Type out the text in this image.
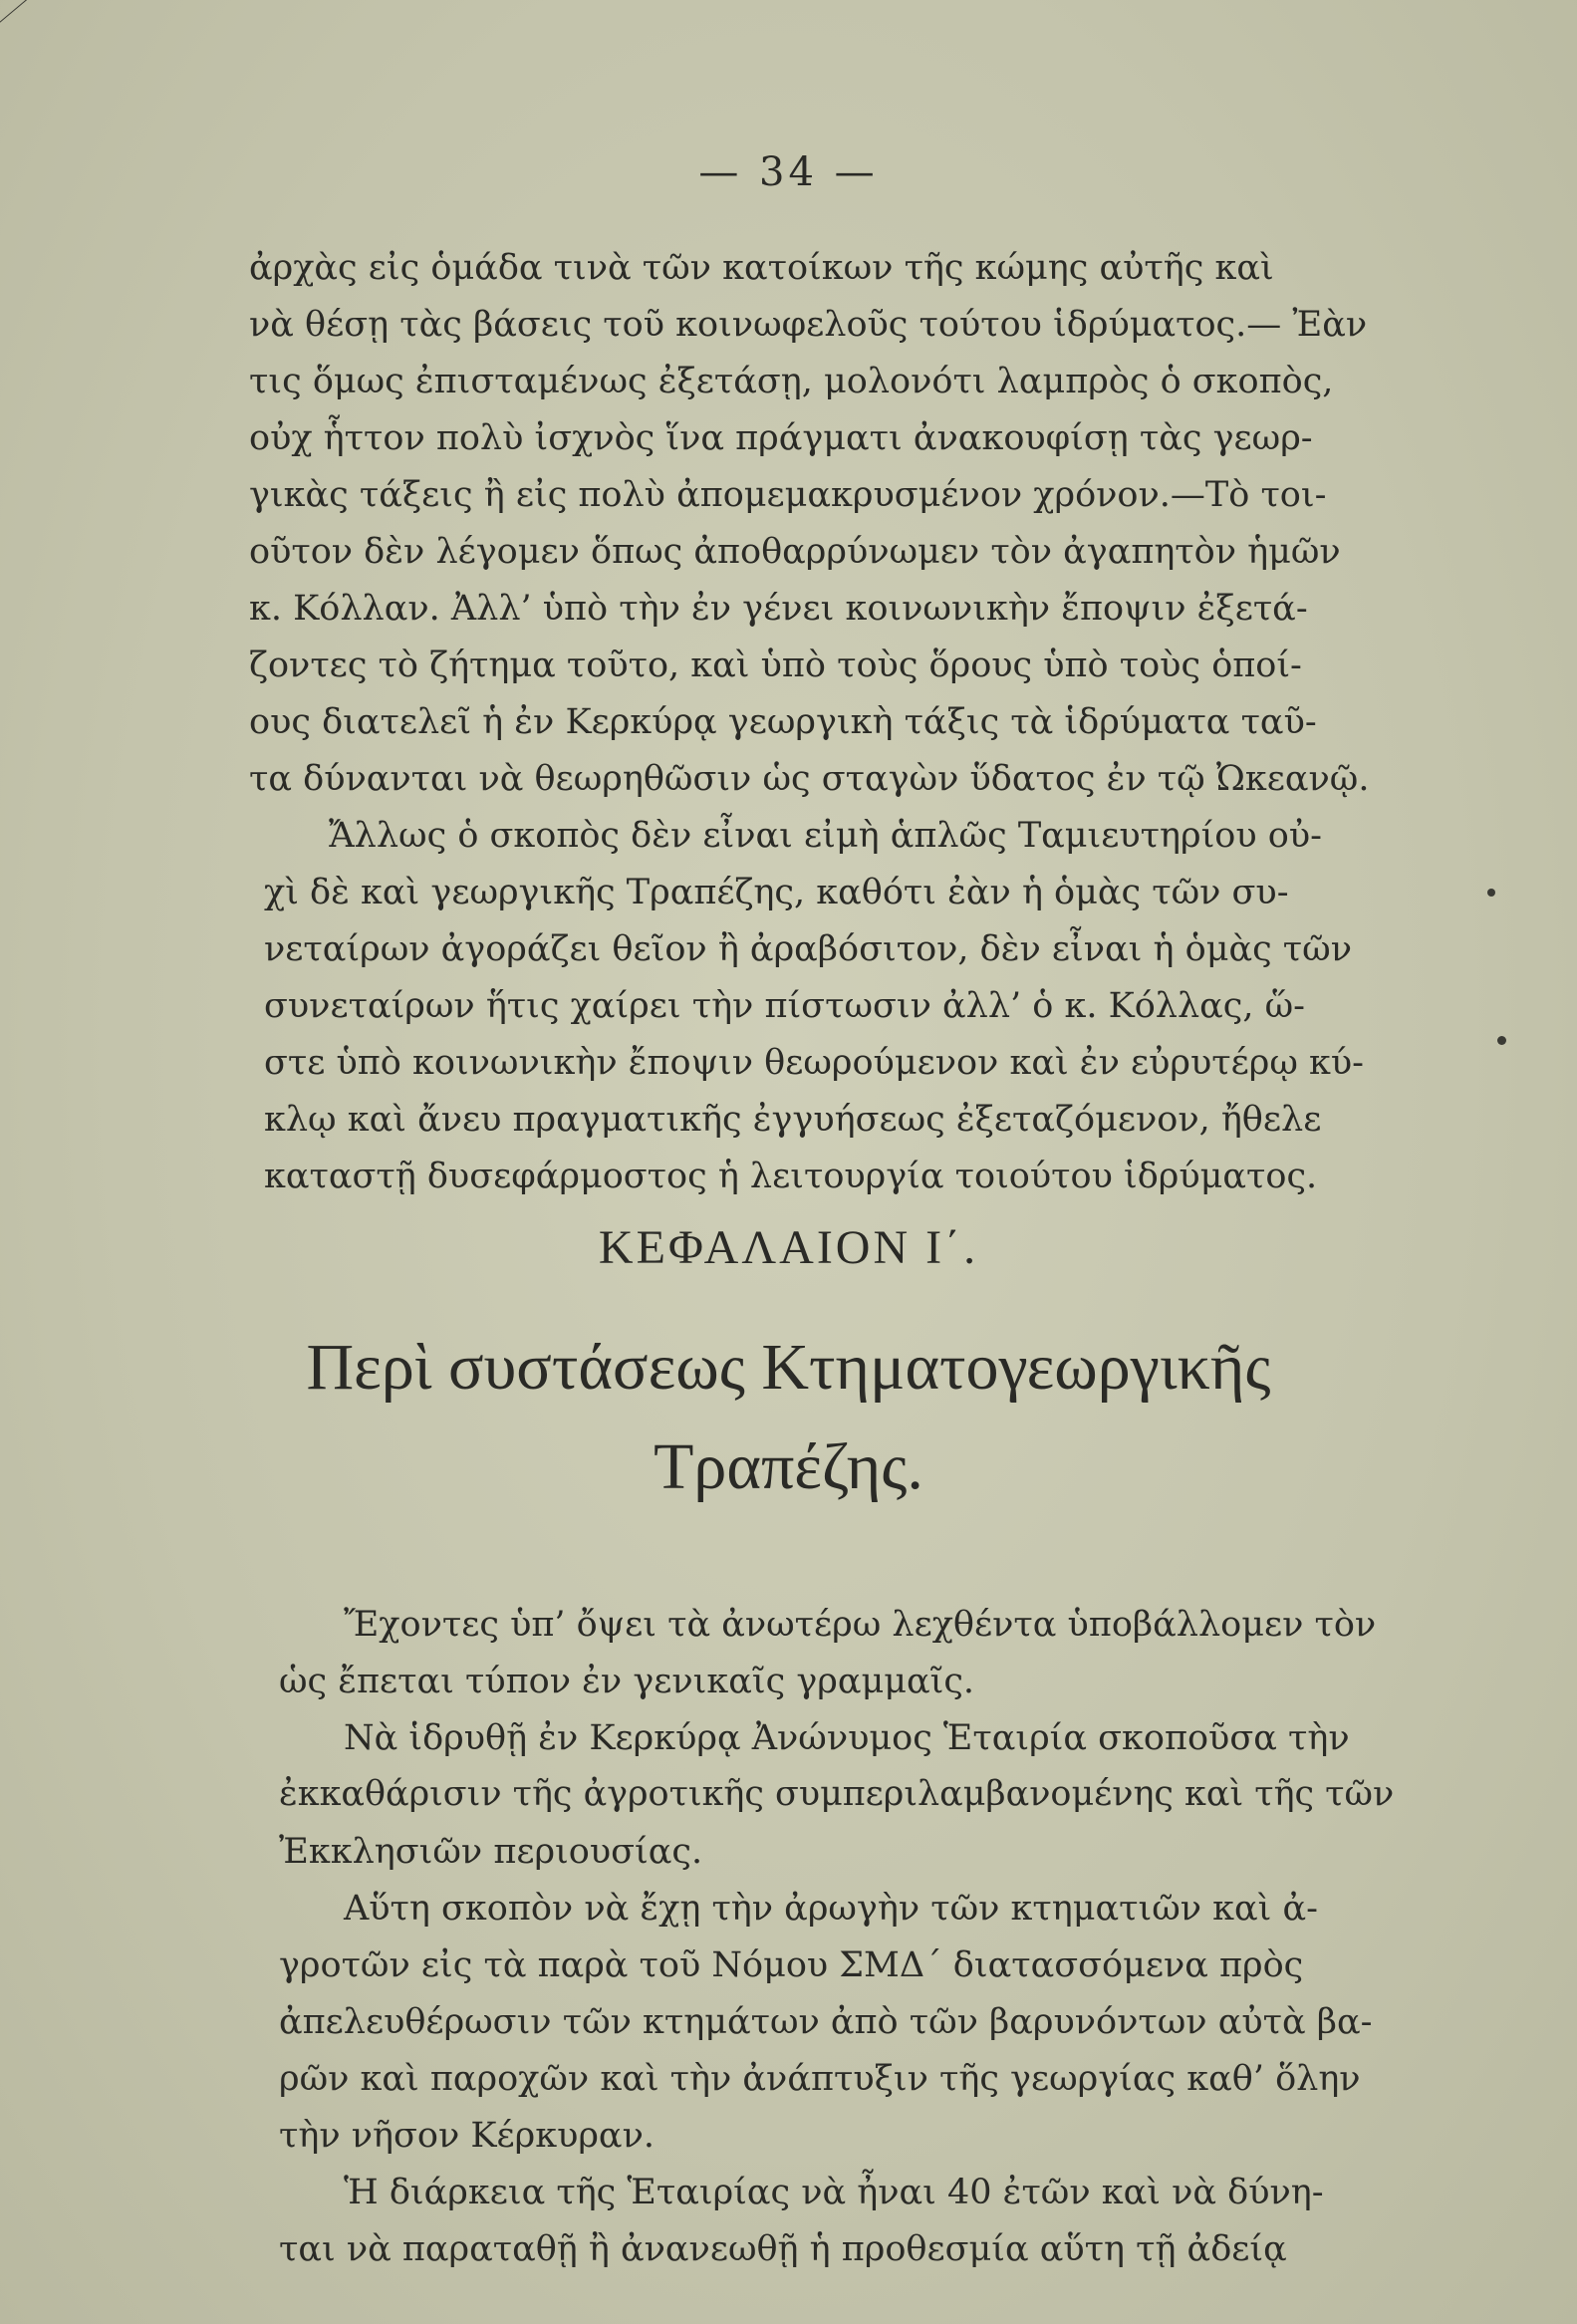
— 34 —
ἀρχὰς εἰς ὁμάδα τινὰ τῶν κατοίκων τῆς κώμης αὐτῆς καὶ
νὰ θέσῃ τὰς βάσεις τοῦ κοινωφελοῦς τούτου ἱδρύματος.— Ἐὰν
τις ὅμως ἐπισταμένως ἐξετάσῃ, μολονότι λαμπρὸς ὁ σκοπὸς,
οὐχ ἧττον πολὺ ἰσχνὸς ἵνα πράγματι ἀνακουφίσῃ τὰς γεωρ-
γικὰς τάξεις ἢ εἰς πολὺ ἀπομεμακρυσμένον χρόνον.—Τὸ τοι-
οῦτον δὲν λέγομεν ὅπως ἀποθαρρύνωμεν τὸν ἀγαπητὸν ἡμῶν
κ. Κόλλαν. Ἀλλ’ ὑπὸ τὴν ἐν γένει κοινωνικὴν ἔποψιν ἐξετά-
ζοντες τὸ ζήτημα τοῦτο, καὶ ὑπὸ τοὺς ὅρους ὑπὸ τοὺς ὁποί-
ους διατελεῖ ἡ ἐν Κερκύρᾳ γεωργικὴ τάξις τὰ ἱδρύματα ταῦ-
τα δύνανται νὰ θεωρηθῶσιν ὡς σταγὼν ὕδατος ἐν τῷ Ὠκεανῷ.
Ἄλλως ὁ σκοπὸς δὲν εἶναι εἰμὴ ἁπλῶς Ταμιευτηρίου οὐ-
χὶ δὲ καὶ γεωργικῆς Τραπέζης, καθότι ἐὰν ἡ ὁμὰς τῶν συ-
νεταίρων ἀγοράζει θεῖον ἢ ἀραβόσιτον, δὲν εἶναι ἡ ὁμὰς τῶν
συνεταίρων ἥτις χαίρει τὴν πίστωσιν ἀλλ’ ὁ κ. Κόλλας, ὥ-
στε ὑπὸ κοινωνικὴν ἔποψιν θεωρούμενον καὶ ἐν εὐρυτέρῳ κύ-
κλῳ καὶ ἄνευ πραγματικῆς ἐγγυήσεως ἐξεταζόμενον, ἤθελε
καταστῇ δυσεφάρμοστος ἡ λειτουργία τοιούτου ἱδρύματος.
ΚΕΦΑΛΑΙΟΝ Ι΄.
Περὶ συστάσεως Κτηματογεωργικῆς
Τραπέζης.
Ἔχοντες ὑπ’ ὄψει τὰ ἀνωτέρω λεχθέντα ὑποβάλλομεν τὸν
ὡς ἔπεται τύπον ἐν γενικαῖς γραμμαῖς.
Νὰ ἱδρυθῇ ἐν Κερκύρᾳ Ἀνώνυμος Ἑταιρία σκοποῦσα τὴν
ἐκκαθάρισιν τῆς ἀγροτικῆς συμπεριλαμβανομένης καὶ τῆς τῶν
Ἐκκλησιῶν περιουσίας.
Αὕτη σκοπὸν νὰ ἔχῃ τὴν ἀρωγὴν τῶν κτηματιῶν καὶ ἀ-
γροτῶν εἰς τὰ παρὰ τοῦ Νόμου ΣΜΔ΄ διατασσόμενα πρὸς
ἀπελευθέρωσιν τῶν κτημάτων ἀπὸ τῶν βαρυνόντων αὐτὰ βα-
ρῶν καὶ παροχῶν καὶ τὴν ἀνάπτυξιν τῆς γεωργίας καθ’ ὅλην
τὴν νῆσον Κέρκυραν.
Ἡ διάρκεια τῆς Ἑταιρίας νὰ ἦναι 40 ἐτῶν καὶ νὰ δύνη-
ται νὰ παραταθῇ ἢ ἀνανεωθῇ ἡ προθεσμία αὕτη τῇ ἀδείᾳ
